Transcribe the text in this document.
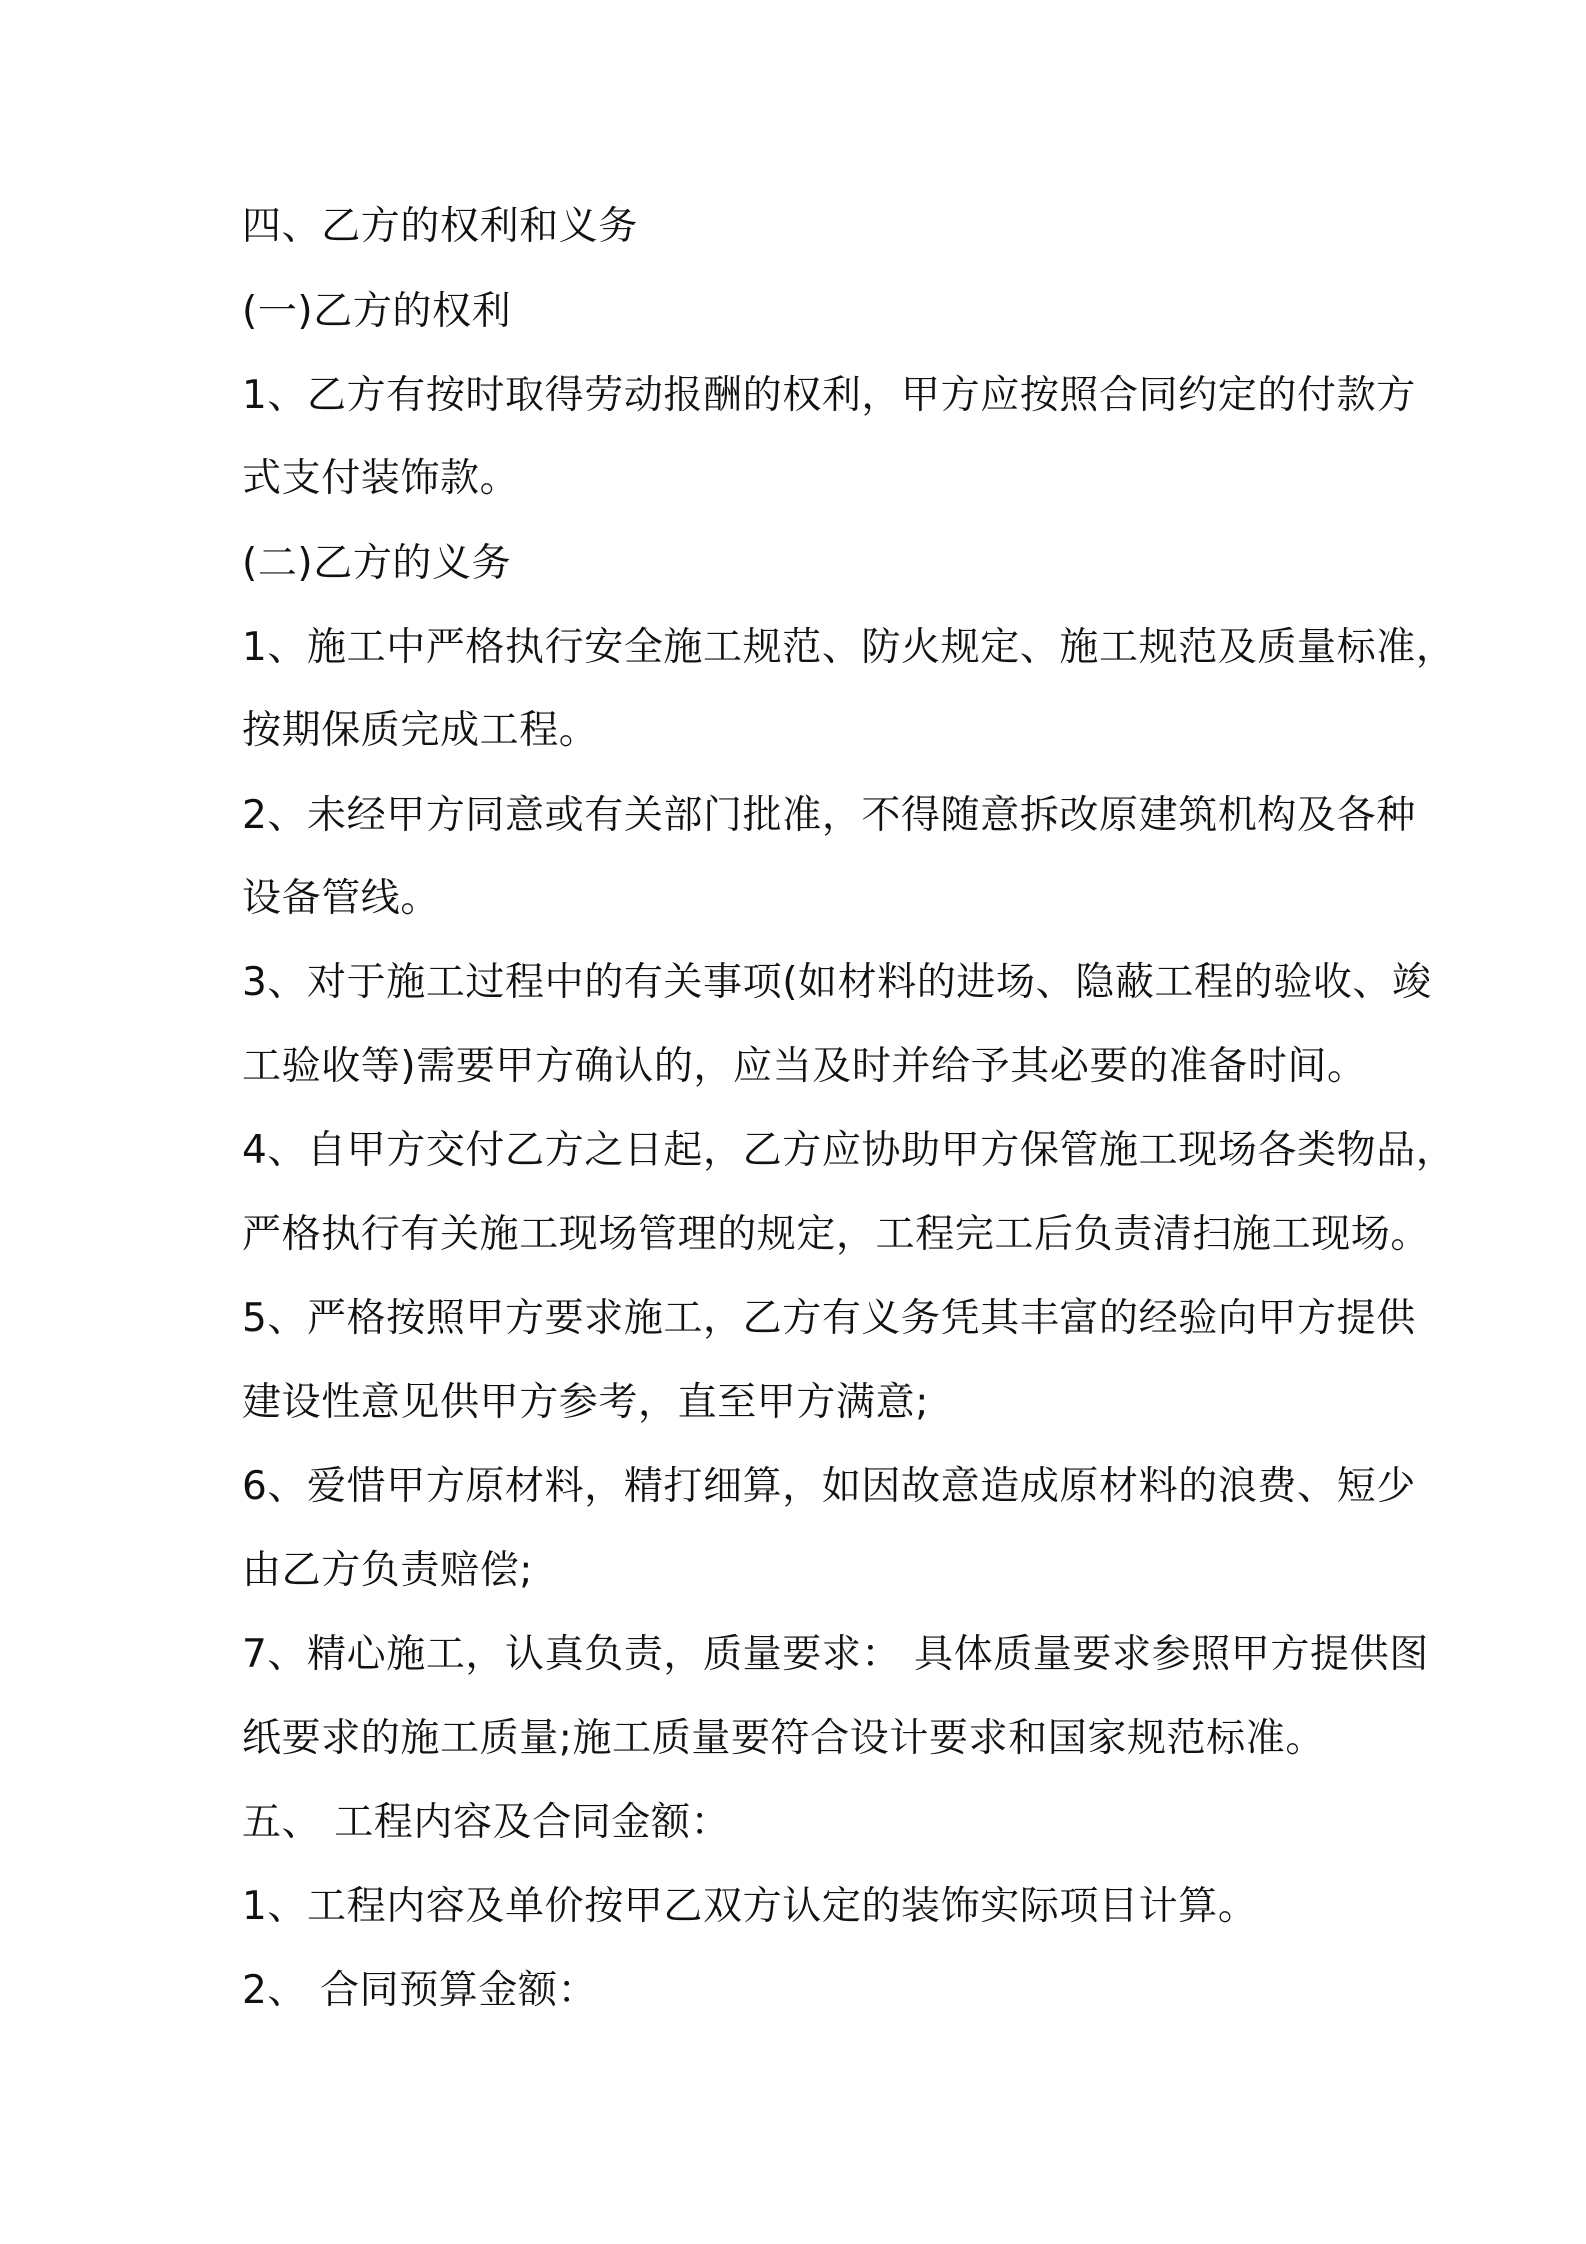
四、乙方的权利和义务
(一)乙方的权利
1、乙方有按时取得劳动报酬的权利，甲方应按照合同约定的付款方
式支付装饰款。
(二)乙方的义务
1、施工中严格执行安全施工规范、防火规定、施工规范及质量标准，
按期保质完成工程。
2、未经甲方同意或有关部门批准，不得随意拆改原建筑机构及各种
设备管线。
3、对于施工过程中的有关事项(如材料的进场、隐蔽工程的验收、竣
工验收等)需要甲方确认的，应当及时并给予其必要的准备时间。
4、自甲方交付乙方之日起，乙方应协助甲方保管施工现场各类物品，
严格执行有关施工现场管理的规定，工程完工后负责清扫施工现场。
5、严格按照甲方要求施工，乙方有义务凭其丰富的经验向甲方提供
建设性意见供甲方参考，直至甲方满意;
6、爱惜甲方原材料，精打细算，如因故意造成原材料的浪费、短少
由乙方负责赔偿;
7、精心施工，认真负责，质量要求： 具体质量要求参照甲方提供图
纸要求的施工质量;施工质量要符合设计要求和国家规范标准。
五、 工程内容及合同金额：
1、工程内容及单价按甲乙双方认定的装饰实际项目计算。
2、 合同预算金额：
